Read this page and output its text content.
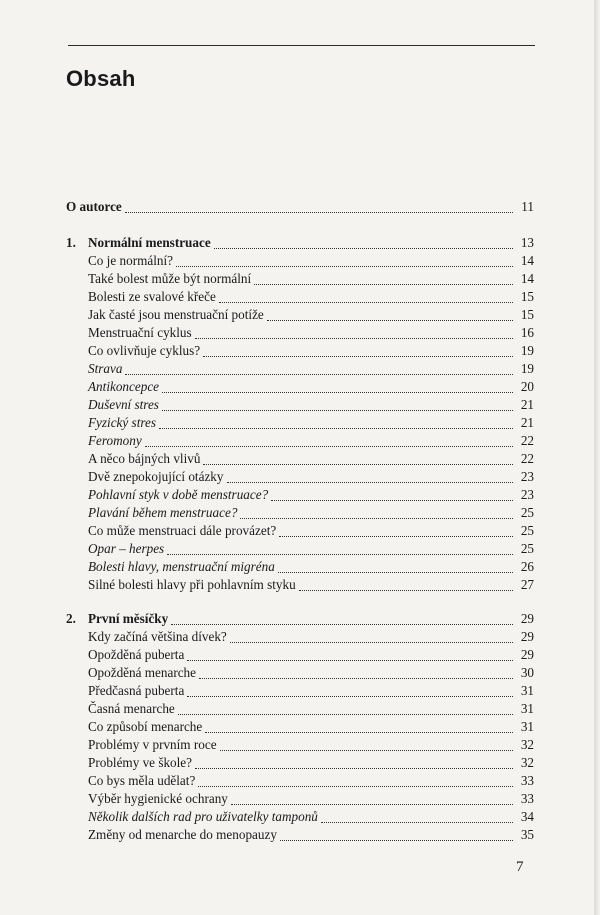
Obsah
O autorce	11
1. Normální menstruace	13
Co je normální?	14
Také bolest může být normální	14
Bolesti ze svalové křeče	15
Jak časté jsou menstruační potíže	15
Menstruační cyklus	16
Co ovlivňuje cyklus?	19
Strava	19
Antikoncepce	20
Duševní stres	21
Fyzický stres	21
Feromony	22
A něco bájných vlivů	22
Dvě znepokojující otázky	23
Pohlavní styk v době menstruace?	23
Plavání během menstruace?	25
Co může menstruaci dále provázet?	25
Opar – herpes	25
Bolesti hlavy, menstruační migréna	26
Silné bolesti hlavy při pohlavním styku	27
2. První měsíčky	29
Kdy začíná většina dívek?	29
Opožděná puberta	29
Opožděná menarche	30
Předčasná puberta	31
Časná menarche	31
Co způsobí menarche	31
Problémy v prvním roce	32
Problémy ve škole?	32
Co bys měla udělat?	33
Výběr hygienické ochrany	33
Několik dalších rad pro uživatelky tamponů	34
Změny od menarche do menopauzy	35
7
